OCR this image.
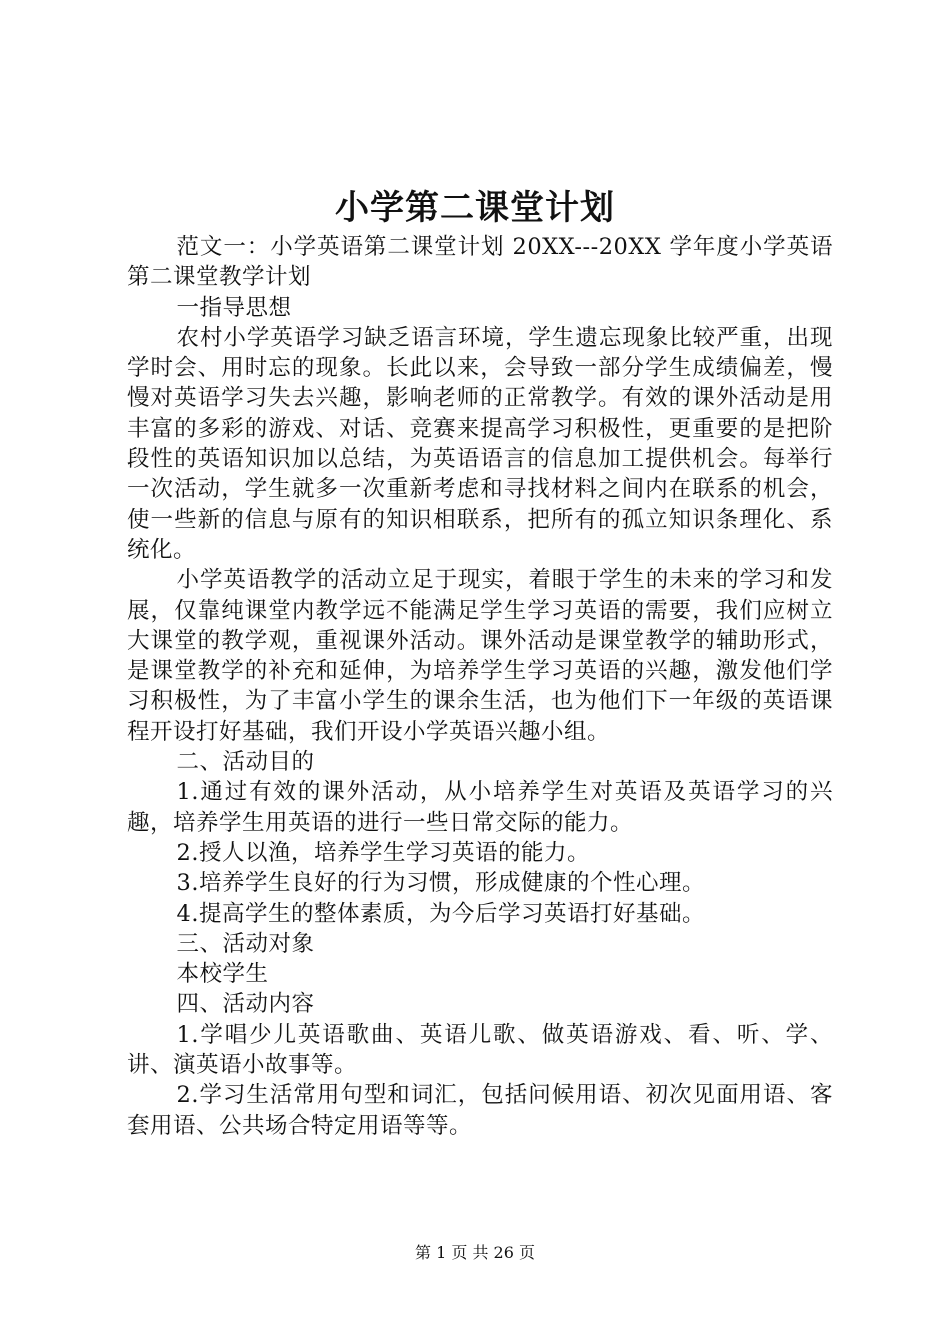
小学第二课堂计划

范文一：小学英语第二课堂计划 20XX---20XX 学年度小学英语第二课堂教学计划

一指导思想

农村小学英语学习缺乏语言环境，学生遗忘现象比较严重，出现学时会、用时忘的现象。长此以来，会导致一部分学生成绩偏差，慢慢对英语学习失去兴趣，影响老师的正常教学。有效的课外活动是用丰富的多彩的游戏、对话、竞赛来提高学习积极性，更重要的是把阶段性的英语知识加以总结，为英语语言的信息加工提供机会。每举行一次活动，学生就多一次重新考虑和寻找材料之间内在联系的机会，使一些新的信息与原有的知识相联系，把所有的孤立知识条理化、系统化。

小学英语教学的活动立足于现实，着眼于学生的未来的学习和发展，仅靠纯课堂内教学远不能满足学生学习英语的需要，我们应树立大课堂的教学观，重视课外活动。课外活动是课堂教学的辅助形式，是课堂教学的补充和延伸，为培养学生学习英语的兴趣，激发他们学习积极性，为了丰富小学生的课余生活，也为他们下一年级的英语课程开设打好基础，我们开设小学英语兴趣小组。

二、活动目的

1.通过有效的课外活动，从小培养学生对英语及英语学习的兴趣，培养学生用英语的进行一些日常交际的能力。

2.授人以渔，培养学生学习英语的能力。

3.培养学生良好的行为习惯，形成健康的个性心理。

4.提高学生的整体素质，为今后学习英语打好基础。

三、活动对象

本校学生

四、活动内容

1.学唱少儿英语歌曲、英语儿歌、做英语游戏、看、听、学、讲、演英语小故事等。

2.学习生活常用句型和词汇，包括问候用语、初次见面用语、客套用语、公共场合特定用语等等。

第 1 页 共 26 页
